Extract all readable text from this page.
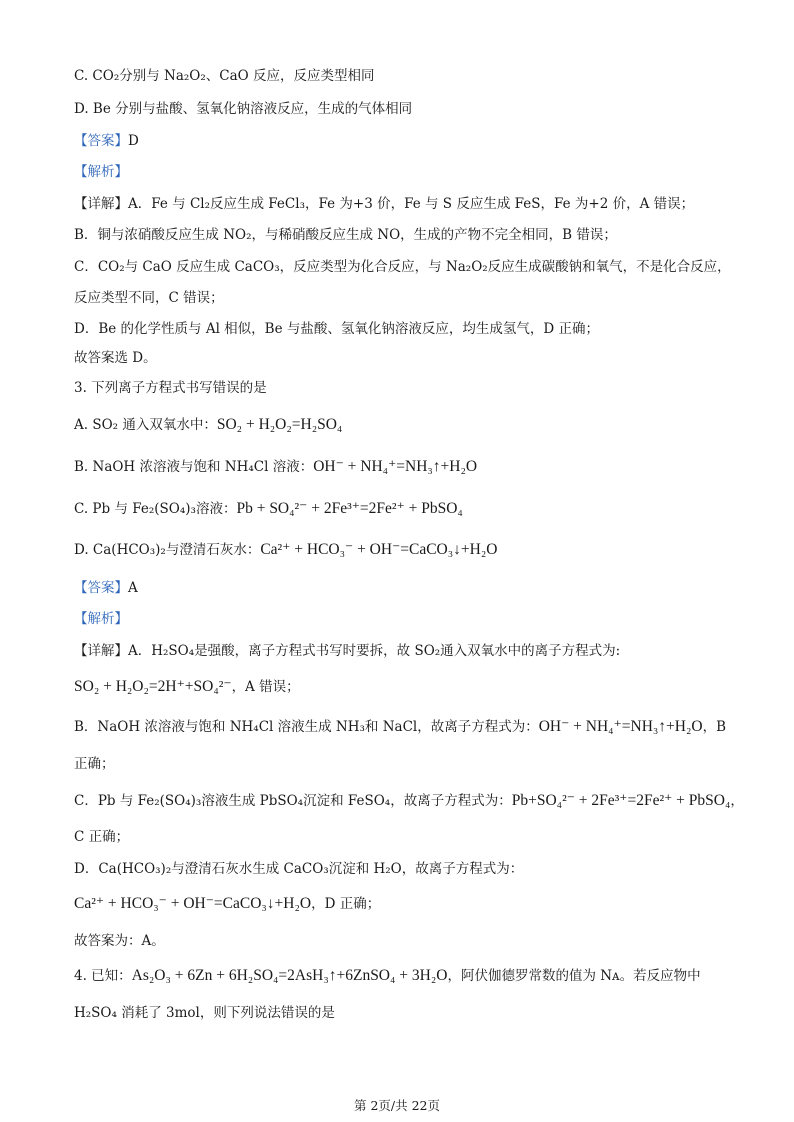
C. CO₂分别与 Na₂O₂、CaO 反应，反应类型相同
D. Be 分别与盐酸、氢氧化钠溶液反应，生成的气体相同
【答案】D
【解析】
【详解】A．Fe 与 Cl₂反应生成 FeCl₃，Fe 为+3 价，Fe 与 S 反应生成 FeS，Fe 为+2 价，A 错误；
B．铜与浓硝酸反应生成 NO₂，与稀硝酸反应生成 NO，生成的产物不完全相同，B 错误；
C．CO₂与 CaO 反应生成 CaCO₃，反应类型为化合反应，与 Na₂O₂反应生成碳酸钠和氧气，不是化合反应，
反应类型不同，C 错误；
D．Be 的化学性质与 Al 相似，Be 与盐酸、氢氧化钠溶液反应，均生成氢气，D 正确；
故答案选 D。
3. 下列离子方程式书写错误的是
A. SO₂ 通入双氧水中：SO₂ + H₂O₂=H₂SO₄
B. NaOH 浓溶液与饱和 NH₄Cl 溶液：OH⁻ + NH₄⁺=NH₃↑+H₂O
C. Pb 与 Fe₂(SO₄)₃溶液：Pb + SO₄²⁻ + 2Fe³⁺=2Fe²⁺ + PbSO₄
D. Ca(HCO₃)₂与澄清石灰水：Ca²⁺ + HCO₃⁻ + OH⁻=CaCO₃↓+H₂O
【答案】A
【解析】
【详解】A．H₂SO₄是强酸，离子方程式书写时要拆，故 SO₂通入双氧水中的离子方程式为:
SO₂ + H₂O₂=2H⁺+SO₄²⁻，A 错误；
B．NaOH 浓溶液与饱和 NH₄Cl 溶液生成 NH₃和 NaCl，故离子方程式为：OH⁻ + NH₄⁺=NH₃↑+H₂O，B
正确；
C．Pb 与 Fe₂(SO₄)₃溶液生成 PbSO₄沉淀和 FeSO₄，故离子方程式为：Pb+SO₄²⁻ + 2Fe³⁺=2Fe²⁺ + PbSO₄，
C 正确；
D．Ca(HCO₃)₂与澄清石灰水生成 CaCO₃沉淀和 H₂O，故离子方程式为：
Ca²⁺ + HCO₃⁻ + OH⁻=CaCO₃↓+H₂O，D 正确；
故答案为：A。
4. 已知：As₂O₃ + 6Zn + 6H₂SO₄=2AsH₃↑+6ZnSO₄ + 3H₂O，阿伏伽德罗常数的值为 Nᴀ。若反应物中
H₂SO₄ 消耗了 3mol，则下列说法错误的是
第 2页/共 22页
